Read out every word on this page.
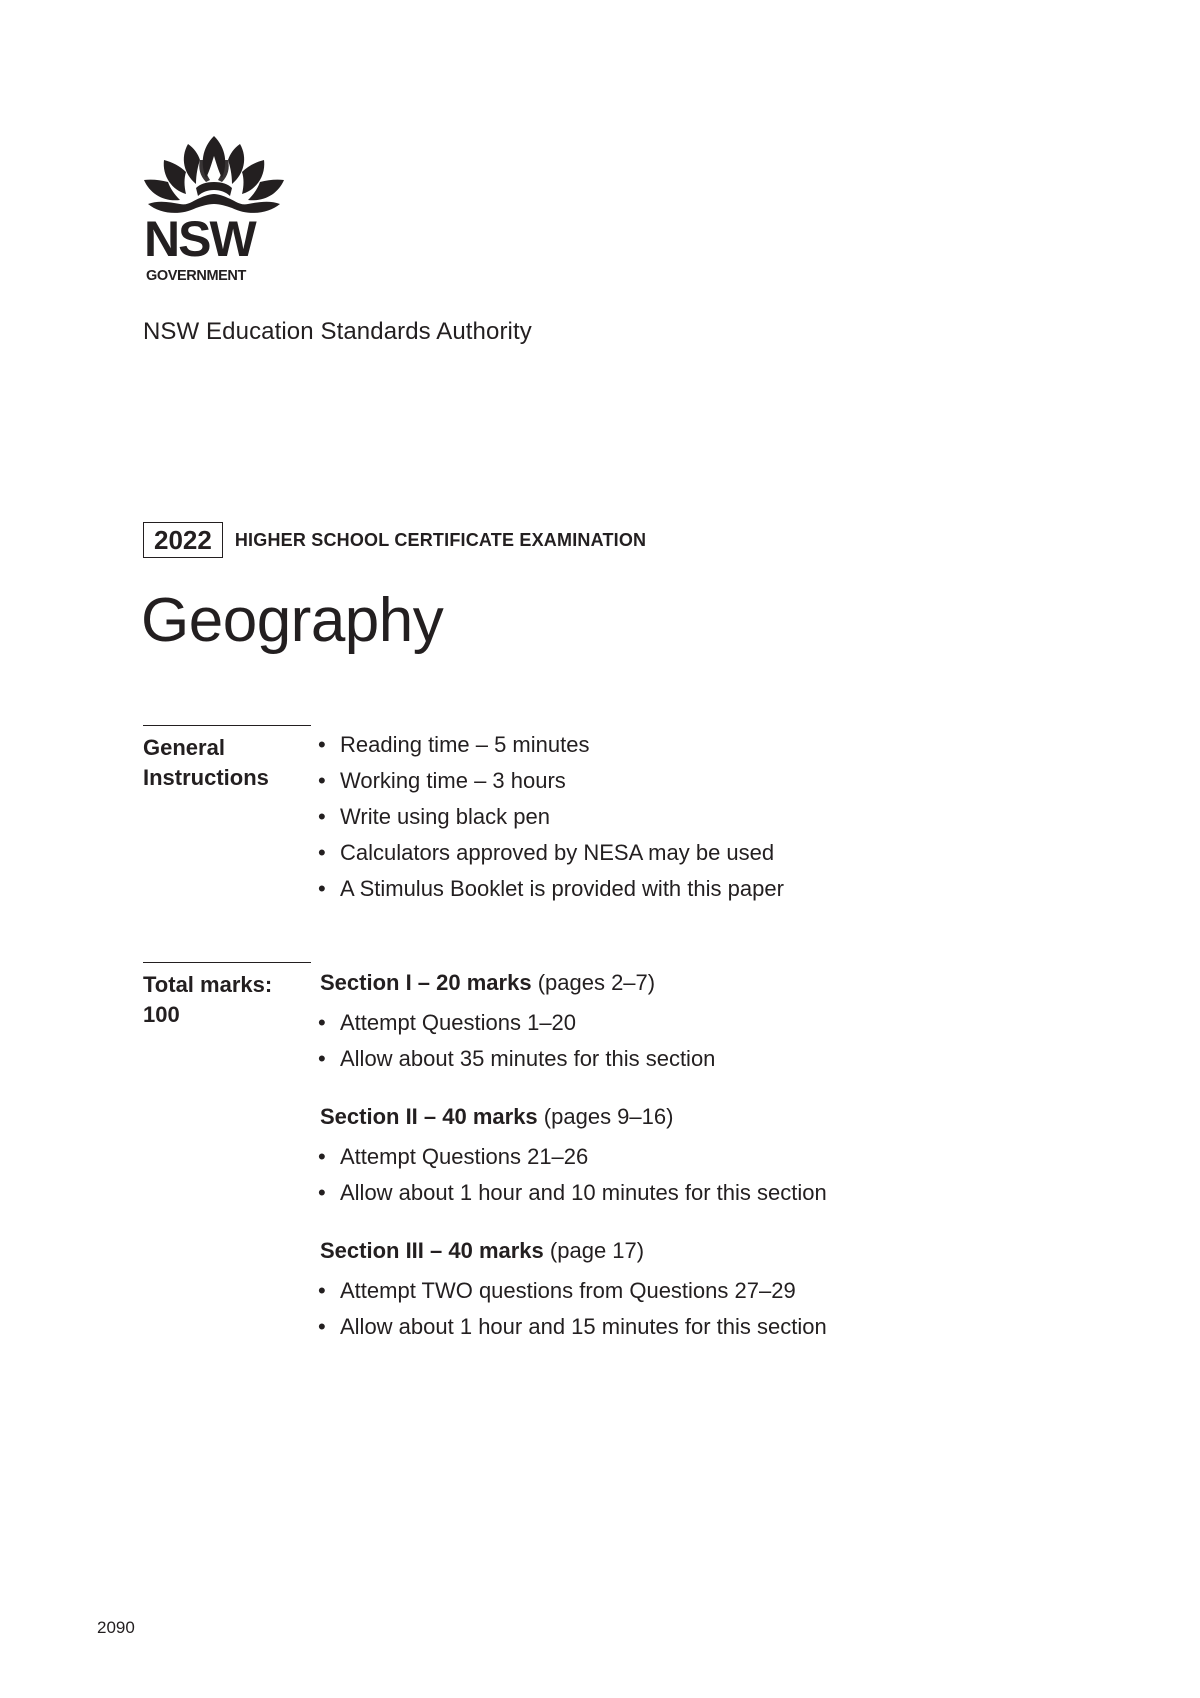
NSW
GOVERNMENT
NSW Education Standards Authority
2022	HIGHER SCHOOL CERTIFICATE EXAMINATION
Geography
General
Instructions
• Reading time – 5 minutes
• Working time – 3 hours
• Write using black pen
• Calculators approved by NESA may be used
• A Stimulus Booklet is provided with this paper
Total marks:
100
Section I – 20 marks (pages 2–7)
• Attempt Questions 1–20
• Allow about 35 minutes for this section
Section II – 40 marks (pages 9–16)
• Attempt Questions 21–26
• Allow about 1 hour and 10 minutes for this section
Section III – 40 marks (page 17)
• Attempt TWO questions from Questions 27–29
• Allow about 1 hour and 15 minutes for this section
2090
